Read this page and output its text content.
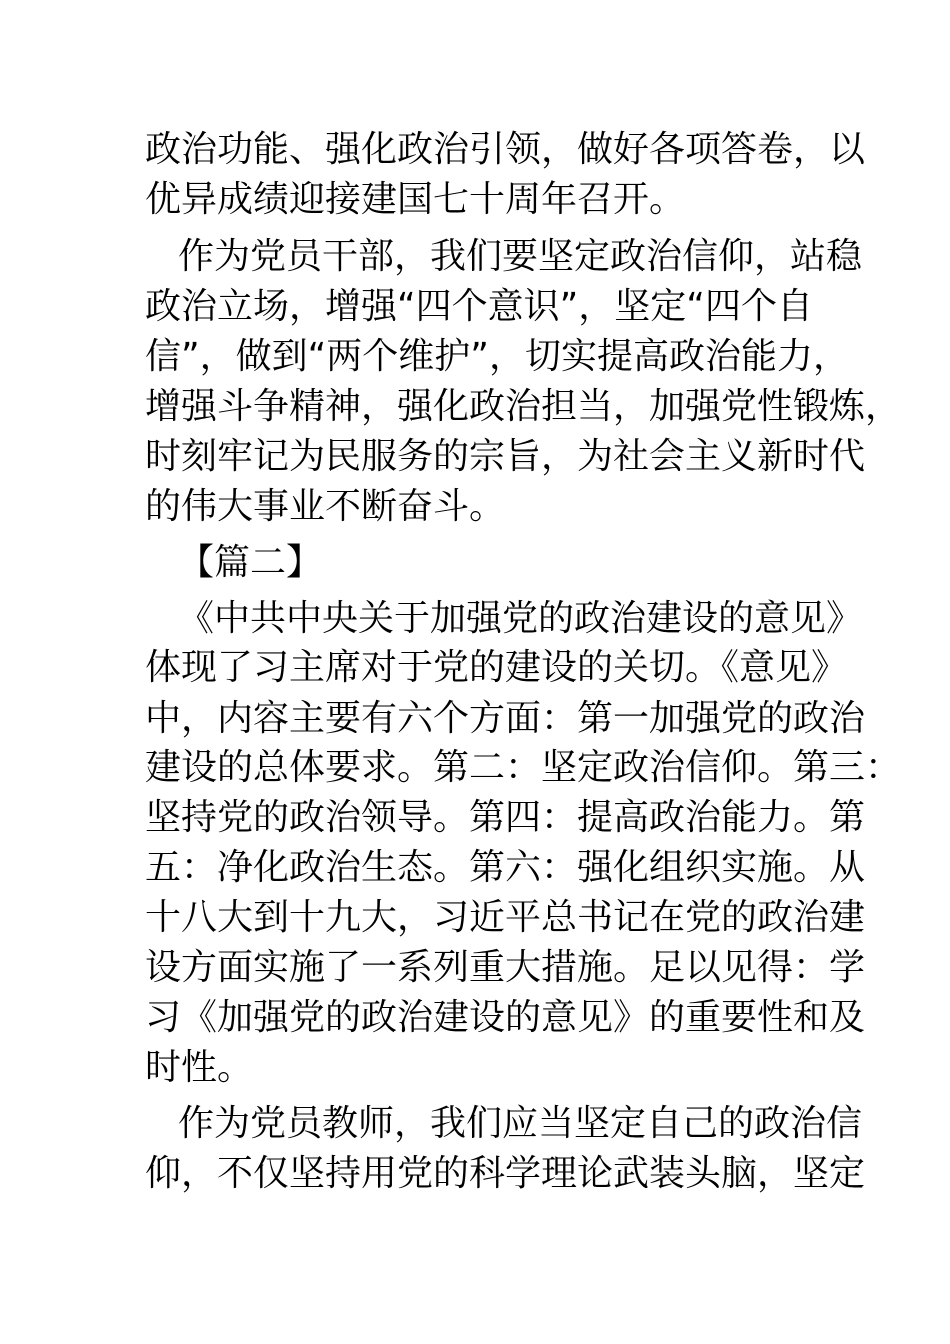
政治功能、强化政治引领，做好各项答卷，以
优异成绩迎接建国七十周年召开。
作为党员干部，我们要坚定政治信仰，站稳
政治立场，增强“四个意识”，坚定“四个自
信”，做到“两个维护”，切实提高政治能力，
增强斗争精神，强化政治担当，加强党性锻炼，
时刻牢记为民服务的宗旨，为社会主义新时代
的伟大事业不断奋斗。
【篇二】
《中共中央关于加强党的政治建设的意见》
体现了习主席对于党的建设的关切。《意见》
中，内容主要有六个方面：第一加强党的政治
建设的总体要求。第二：坚定政治信仰。第三：
坚持党的政治领导。第四：提高政治能力。第
五：净化政治生态。第六：强化组织实施。从
十八大到十九大，习近平总书记在党的政治建
设方面实施了一系列重大措施。足以见得：学
习《加强党的政治建设的意见》的重要性和及
时性。
作为党员教师，我们应当坚定自己的政治信
仰，不仅坚持用党的科学理论武装头脑，坚定
